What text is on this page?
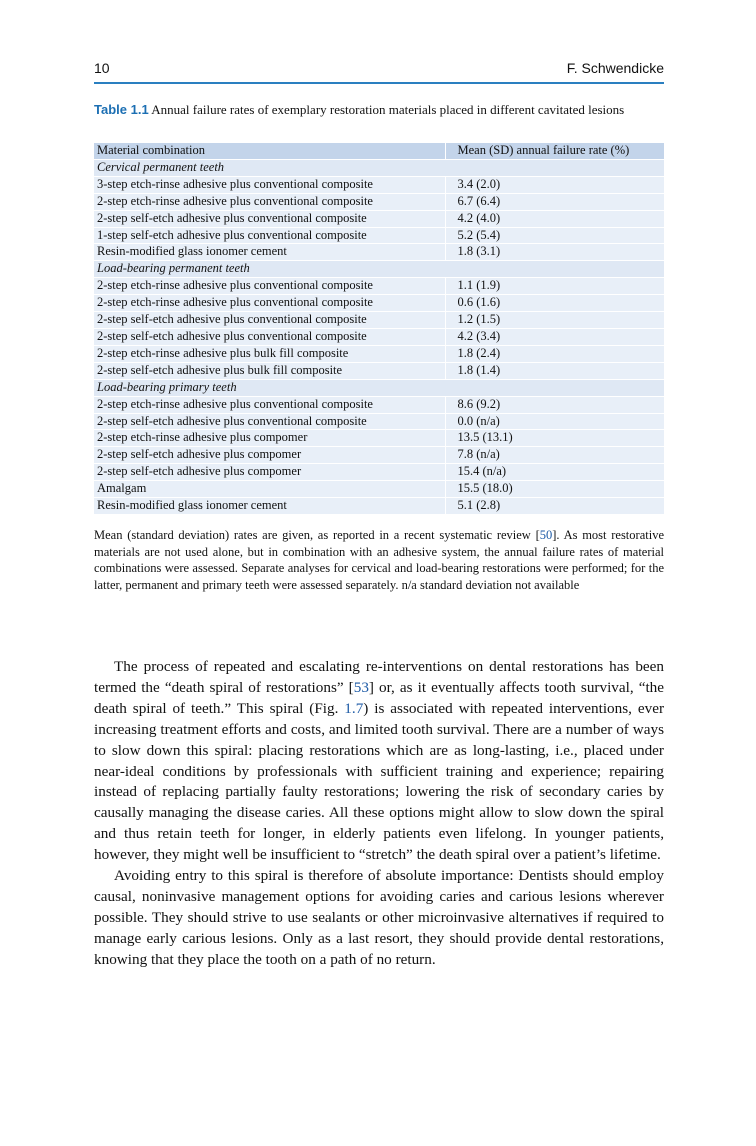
10	F. Schwendicke
Table 1.1 Annual failure rates of exemplary restoration materials placed in different cavitated lesions
Material combination	Mean (SD) annual failure rate (%)
Cervical permanent teeth	
3-step etch-rinse adhesive plus conventional composite	3.4 (2.0)
2-step etch-rinse adhesive plus conventional composite	6.7 (6.4)
2-step self-etch adhesive plus conventional composite	4.2 (4.0)
1-step self-etch adhesive plus conventional composite	5.2 (5.4)
Resin-modified glass ionomer cement	1.8 (3.1)
Load-bearing permanent teeth	
2-step etch-rinse adhesive plus conventional composite	1.1 (1.9)
2-step etch-rinse adhesive plus conventional composite	0.6 (1.6)
2-step self-etch adhesive plus conventional composite	1.2 (1.5)
2-step self-etch adhesive plus conventional composite	4.2 (3.4)
2-step etch-rinse adhesive plus bulk fill composite	1.8 (2.4)
2-step self-etch adhesive plus bulk fill composite	1.8 (1.4)
Load-bearing primary teeth	
2-step etch-rinse adhesive plus conventional composite	8.6 (9.2)
2-step self-etch adhesive plus conventional composite	0.0 (n/a)
2-step etch-rinse adhesive plus compomer	13.5 (13.1)
2-step self-etch adhesive plus compomer	7.8 (n/a)
2-step self-etch adhesive plus compomer	15.4 (n/a)
Amalgam	15.5 (18.0)
Resin-modified glass ionomer cement	5.1 (2.8)
Mean (standard deviation) rates are given, as reported in a recent systematic review [50]. As most restorative materials are not used alone, but in combination with an adhesive system, the annual failure rates of material combinations were assessed. Separate analyses for cervical and load-bearing restorations were performed; for the latter, permanent and primary teeth were assessed separately. n/a standard deviation not available

The process of repeated and escalating re-interventions on dental restorations has been termed the “death spiral of restorations” [53] or, as it eventually affects tooth survival, “the death spiral of teeth.” This spiral (Fig. 1.7) is associated with repeated interventions, ever increasing treatment efforts and costs, and limited tooth survival. There are a number of ways to slow down this spiral: placing restorations which are as long-lasting, i.e., placed under near-ideal conditions by professionals with sufficient training and experience; repairing instead of replacing partially faulty restorations; lowering the risk of secondary caries by causally managing the disease caries. All these options might allow to slow down the spiral and thus retain teeth for longer, in elderly patients even lifelong. In younger patients, however, they might well be insufficient to “stretch” the death spiral over a patient’s lifetime.

Avoiding entry to this spiral is therefore of absolute importance: Dentists should employ causal, noninvasive management options for avoiding caries and carious lesions wherever possible. They should strive to use sealants or other microinvasive alternatives if required to manage early carious lesions. Only as a last resort, they should provide dental restorations, knowing that they place the tooth on a path of no return.
